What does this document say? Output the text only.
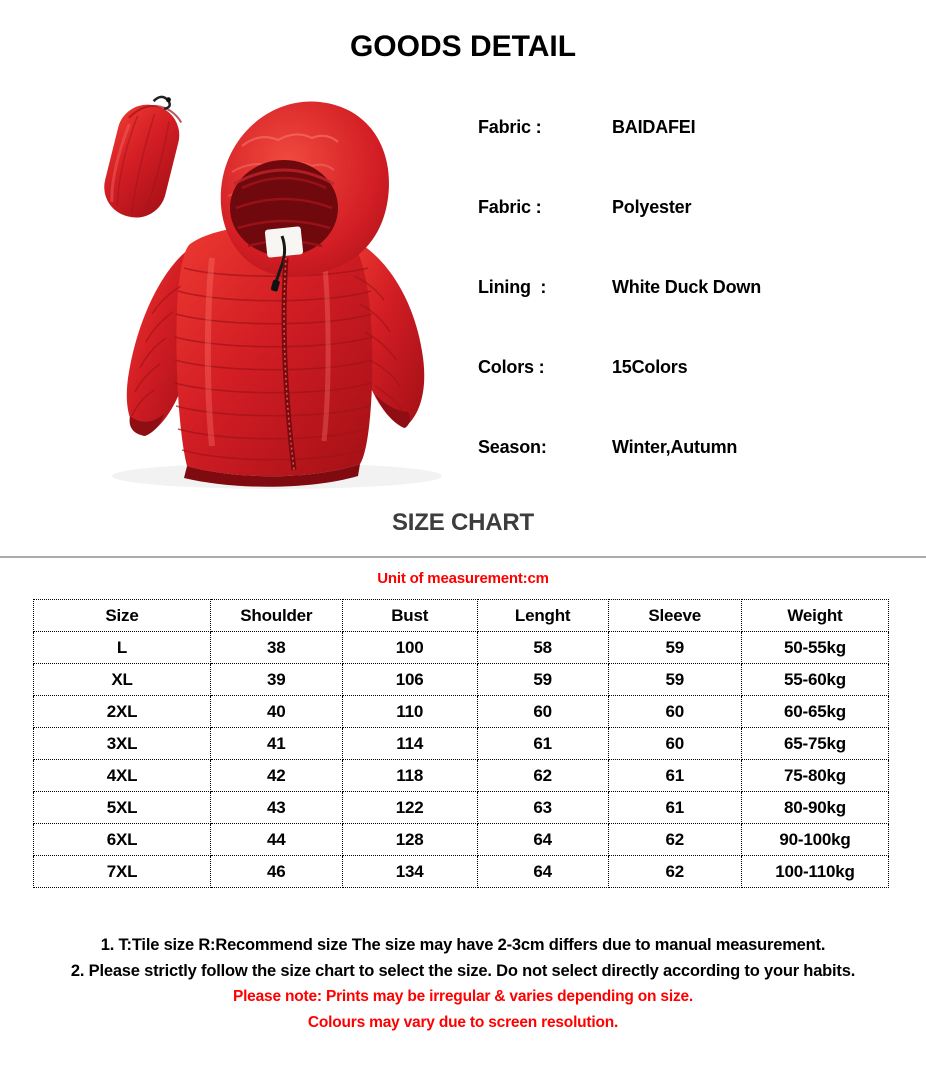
GOODS DETAIL
Fabric :	BAIDAFEI
Fabric :	Polyester
Lining  :	White Duck Down
Colors :	15Colors
Season:	Winter,Autumn
SIZE CHART
Unit of measurement:cm
Size	Shoulder	Bust	Lenght	Sleeve	Weight
L	38	100	58	59	50-55kg
XL	39	106	59	59	55-60kg
2XL	40	110	60	60	60-65kg
3XL	41	114	61	60	65-75kg
4XL	42	118	62	61	75-80kg
5XL	43	122	63	61	80-90kg
6XL	44	128	64	62	90-100kg
7XL	46	134	64	62	100-110kg
1. T:Tile size R:Recommend size The size may have 2-3cm differs due to manual measurement.
2. Please strictly follow the size chart to select the size. Do not select directly according to your habits.
Please note: Prints may be irregular & varies depending on size.
Colours may vary due to screen resolution.
